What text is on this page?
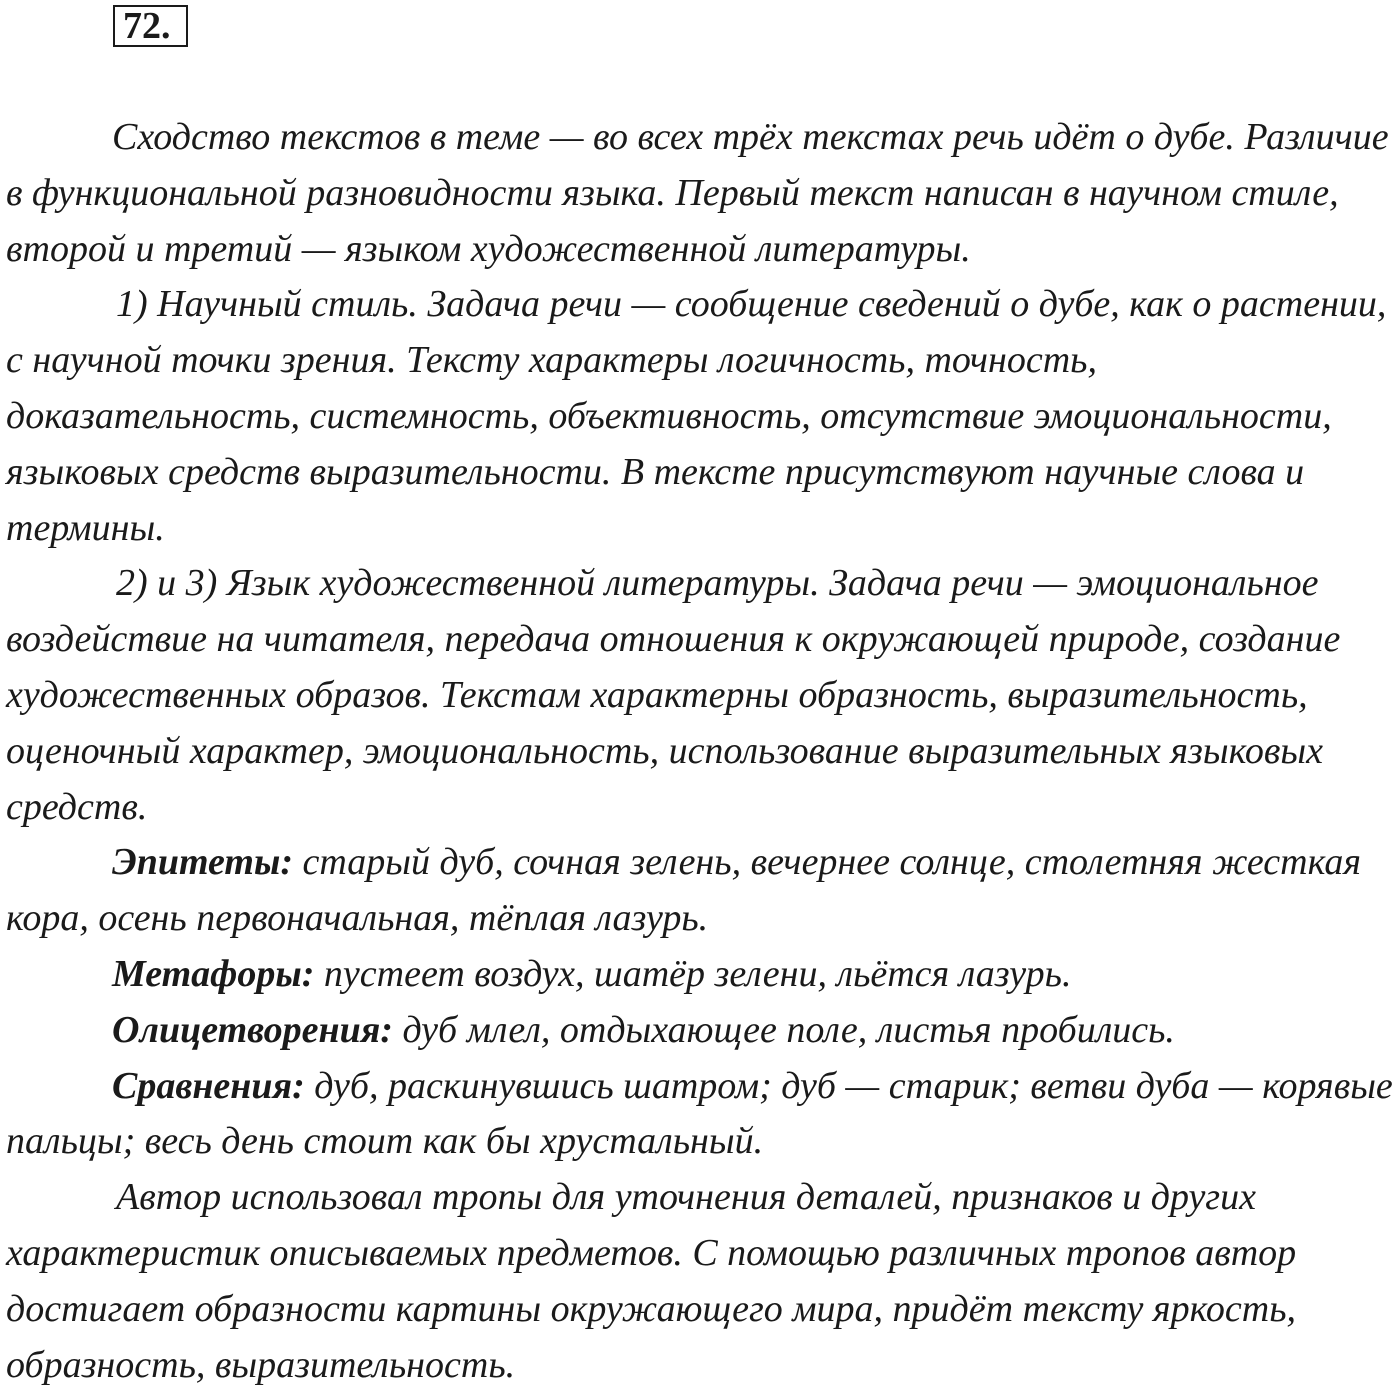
72.

Сходство текстов в теме — во всех трёх текстах речь идёт о дубе. Различие в функциональной разновидности языка. Первый текст написан в научном стиле, второй и третий — языком художественной литературы.

1) Научный стиль. Задача речи — сообщение сведений о дубе, как о растении, с научной точки зрения. Тексту характеры логичность, точность, доказательность, системность, объективность, отсутствие эмоциональности, языковых средств выразительности. В тексте присутствуют научные слова и термины.

2) и 3) Язык художественной литературы. Задача речи — эмоциональное воздействие на читателя, передача отношения к окружающей природе, создание художественных образов. Текстам характерны образность, выразительность, оценочный характер, эмоциональность, использование выразительных языковых средств.

Эпитеты: старый дуб, сочная зелень, вечернее солнце, столетняя жесткая кора, осень первоначальная, тёплая лазурь.

Метафоры: пустеет воздух, шатёр зелени, льётся лазурь.

Олицетворения: дуб млел, отдыхающее поле, листья пробились.

Сравнения: дуб, раскинувшись шатром; дуб — старик; ветви дуба — корявые пальцы; весь день стоит как бы хрустальный.

Автор использовал тропы для уточнения деталей, признаков и других характеристик описываемых предметов. С помощью различных тропов автор достигает образности картины окружающего мира, придёт тексту яркость, образность, выразительность.
